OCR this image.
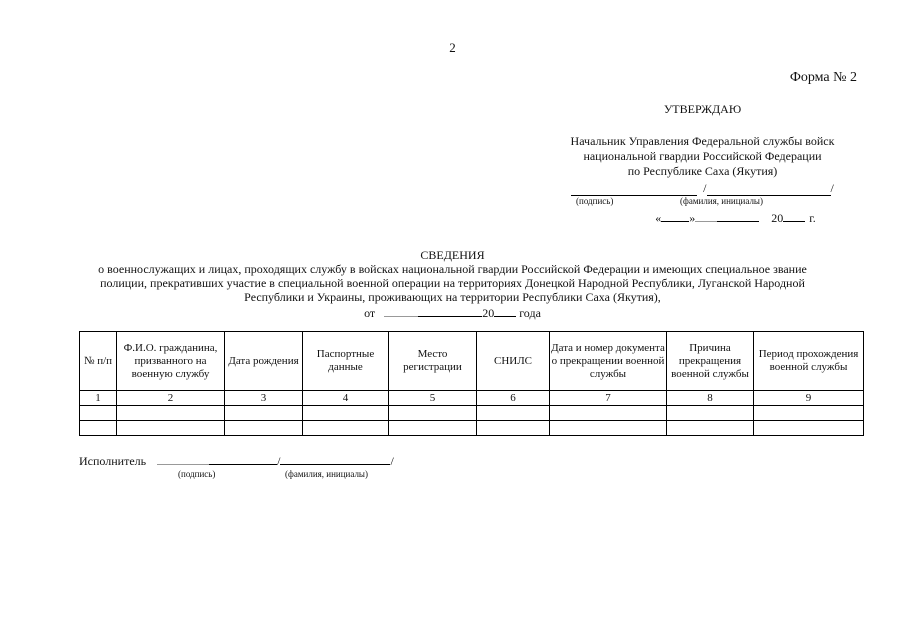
2
Форма № 2
УТВЕРЖДАЮ
Начальник Управления Федеральной службы войск
национальной гвардии Российской Федерации
по Республике Саха (Якутия)
/	/
(подпись)	(фамилия, инициалы)
« »	20 г.
СВЕДЕНИЯ
о военнослужащих и лицах, проходящих службу в войсках национальной гвардии Российской Федерации и имеющих специальное звание
полиции, прекративших участие в специальной военной операции на территориях Донецкой Народной Республики, Луганской Народной
Республики и Украины, проживающих на территории Республики Саха (Якутия),
от	20 года
№ п/п	Ф.И.О. гражданина, призванного на военную службу	Дата рождения	Паспортные данные	Место регистрации	СНИЛС	Дата и номер документа о прекращении военной службы	Причина прекращения военной службы	Период прохождения военной службы
1	2	3	4	5	6	7	8	9

Исполнитель	/	/
(подпись)	(фамилия, инициалы)
